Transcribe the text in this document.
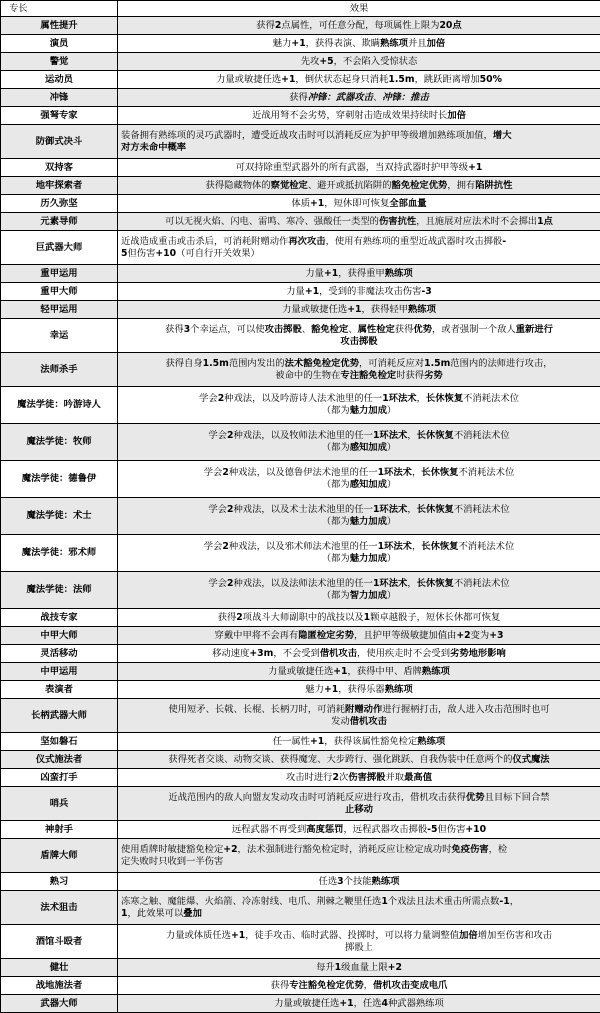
专长	效果
属性提升	获得2点属性，可任意分配，每项属性上限为20点
演员	魅力+1，获得表演、欺瞒熟练项并且加倍
警觉	先攻+5，不会陷入受惊状态
运动员	力量或敏捷任选+1，倒伏状态起身只消耗1.5m，跳跃距离增加50%
冲锋	获得冲锋：武器攻击、冲锋：推击
强弩专家	近战用弩不会劣势，穿刺射击造成效果持续时长加倍
防御式决斗	装备拥有熟练项的灵巧武器时，遭受近战攻击时可以消耗反应为护甲等级增加熟练项加值，增大
对方未命中概率
双持客	可双持除重型武器外的所有武器，当双持武器时护甲等级+1
地牢探索者	获得隐藏物体的察觉检定、避开或抵抗陷阱的豁免检定优势，拥有陷阱抗性
历久弥坚	体质+1，短休即可恢复全部血量
元素导师	可以无视火焰、闪电、雷鸣、寒冷、强酸任一类型的伤害抗性，且施展对应法术时不会掷出1点
巨武器大师	近战造成重击或击杀后，可消耗附赠动作再次攻击，使用有熟练项的重型近战武器时攻击掷骰-
5但伤害+10（可自行开关效果）
重甲运用	力量+1，获得重甲熟练项
重甲大师	力量+1，受到的非魔法攻击伤害-3
轻甲运用	力量或敏捷任选+1，获得轻甲熟练项
幸运	获得3个幸运点，可以使攻击掷骰、豁免检定、属性检定获得优势，或者强制一个敌人重新进行
攻击掷骰
法师杀手	获得自身1.5m范围内发出的法术豁免检定优势，可消耗反应对1.5m范围内的法师进行攻击，
被命中的生物在专注豁免检定时获得劣势
魔法学徒：吟游诗人	学会2种戏法，以及吟游诗人法术池里的任一1环法术，长休恢复不消耗法术位
（都为魅力加成）
魔法学徒：牧师	学会2种戏法，以及牧师法术池里的任一1环法术，长休恢复不消耗法术位
（都为感知加成）
魔法学徒：德鲁伊	学会2种戏法，以及德鲁伊法术池里的任一1环法术，长休恢复不消耗法术位
（都为感知加成）
魔法学徒：术士	学会2种戏法，以及术士法术池里的任一1环法术，长休恢复不消耗法术位
（都为魅力加成）
魔法学徒：邪术师	学会2种戏法，以及邪术师法术池里的任一1环法术，长休恢复不消耗法术位
（都为魅力加成）
魔法学徒：法师	学会2种戏法，以及法师法术池里的任一1环法术，长休恢复不消耗法术位
（都为智力加成）
战技专家	获得2项战斗大师副职中的战技以及1颗卓越骰子，短休长休都可恢复
中甲大师	穿戴中甲将不会再有隐匿检定劣势，且护甲等级敏捷加值由+2变为+3
灵活移动	移动速度+3m，不会受到借机攻击，使用疾走时不会受到劣势地形影响
中甲运用	力量或敏捷任选+1，获得中甲、盾牌熟练项
表演者	魅力+1，获得乐器熟练项
长柄武器大师	使用短矛、长戟、长棍、长柄刀时，可消耗附赠动作进行握柄打击，敌人进入攻击范围时也可
发动借机攻击
坚如磐石	任一属性+1，获得该属性豁免检定熟练项
仪式施法者	获得死者交谈、动物交谈、获得魔宠、大步跨行、强化跳跃、自我伪装中任意两个的仪式魔法
凶蛮打手	攻击时进行2次伤害掷骰并取最高值
哨兵	近战范围内的敌人向盟友发动攻击时可消耗反应进行攻击，借机攻击获得优势且目标下回合禁
止移动
神射手	远程武器不再受到高度惩罚，远程武器攻击掷骰-5但伤害+10
盾牌大师	使用盾牌时敏捷豁免检定+2，法术强制进行豁免检定时，消耗反应让检定成功时免疫伤害，检
定失败时只收到一半伤害
熟习	任选3个技能熟练项
法术狙击	冻寒之触、魔能爆、火焰箭、冷冻射线、电爪、荆棘之鞭里任选1个戏法且法术重击所需点数-1，
1，此效果可以叠加
酒馆斗殴者	力量或体质任选+1，徒手攻击、临时武器、投掷时，可以将力量调整值加倍增加至伤害和攻击
掷骰上
健壮	每升1级血量上限+2
战地施法者	获得专注豁免检定优势，借机攻击变成电爪
武器大师	力量或敏捷任选+1，任选4种武器熟练项
